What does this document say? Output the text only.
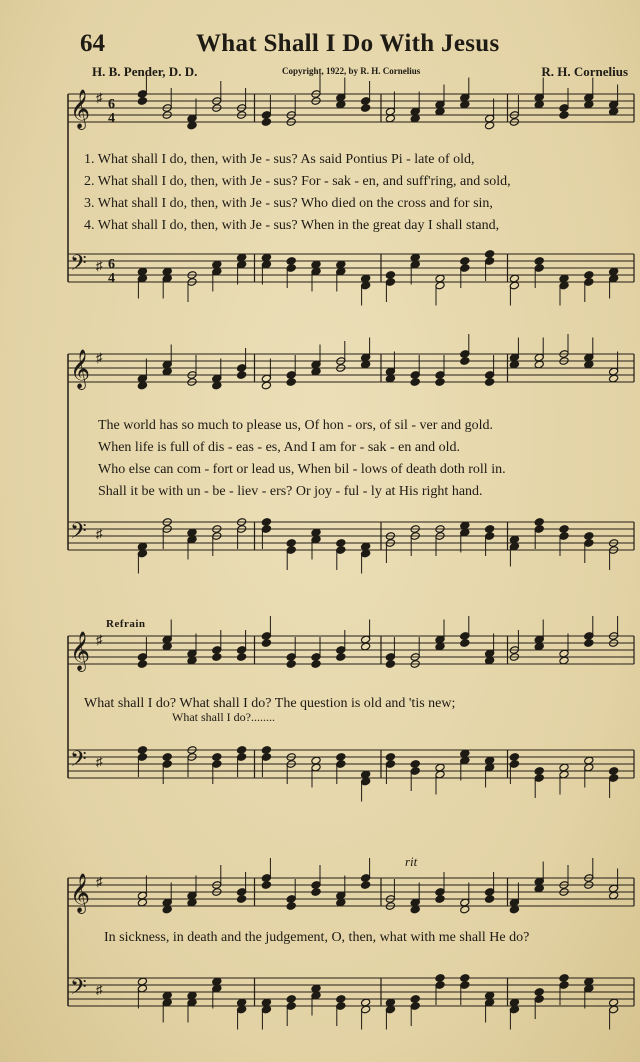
64	What Shall I Do With Jesus
H. B. Pender, D. D.	Copyright, 1922, by R. H. Cornelius	R. H. Cornelius
𝄞 ♯ 6
4
𝄢 ♯ 6
4
1. What shall I do, then, with Je - sus? As said Pontius Pi - late of old,
2. What shall I do, then, with Je - sus? For - sak - en, and suff'ring, and sold,
3. What shall I do, then, with Je - sus? Who died on the cross and for sin,
4. What shall I do, then, with Je - sus? When in the great day I shall stand,
𝄞 ♯
𝄢 ♯
The world has so much to please us, Of hon - ors, of sil - ver and gold.
When life is full of dis - eas - es, And I am for - sak - en and old.
Who else can com - fort or lead us, When bil - lows of death doth roll in.
Shall it be with un - be - liev - ers? Or joy - ful - ly at His right hand.
Refrain
𝄞 ♯
𝄢 ♯
What shall I do? What shall I do? The question is old and 'tis new;
What shall I do?........
rit
𝄞 ♯
𝄢 ♯
In sickness, in death and the judgement, O, then, what with me shall He do?
